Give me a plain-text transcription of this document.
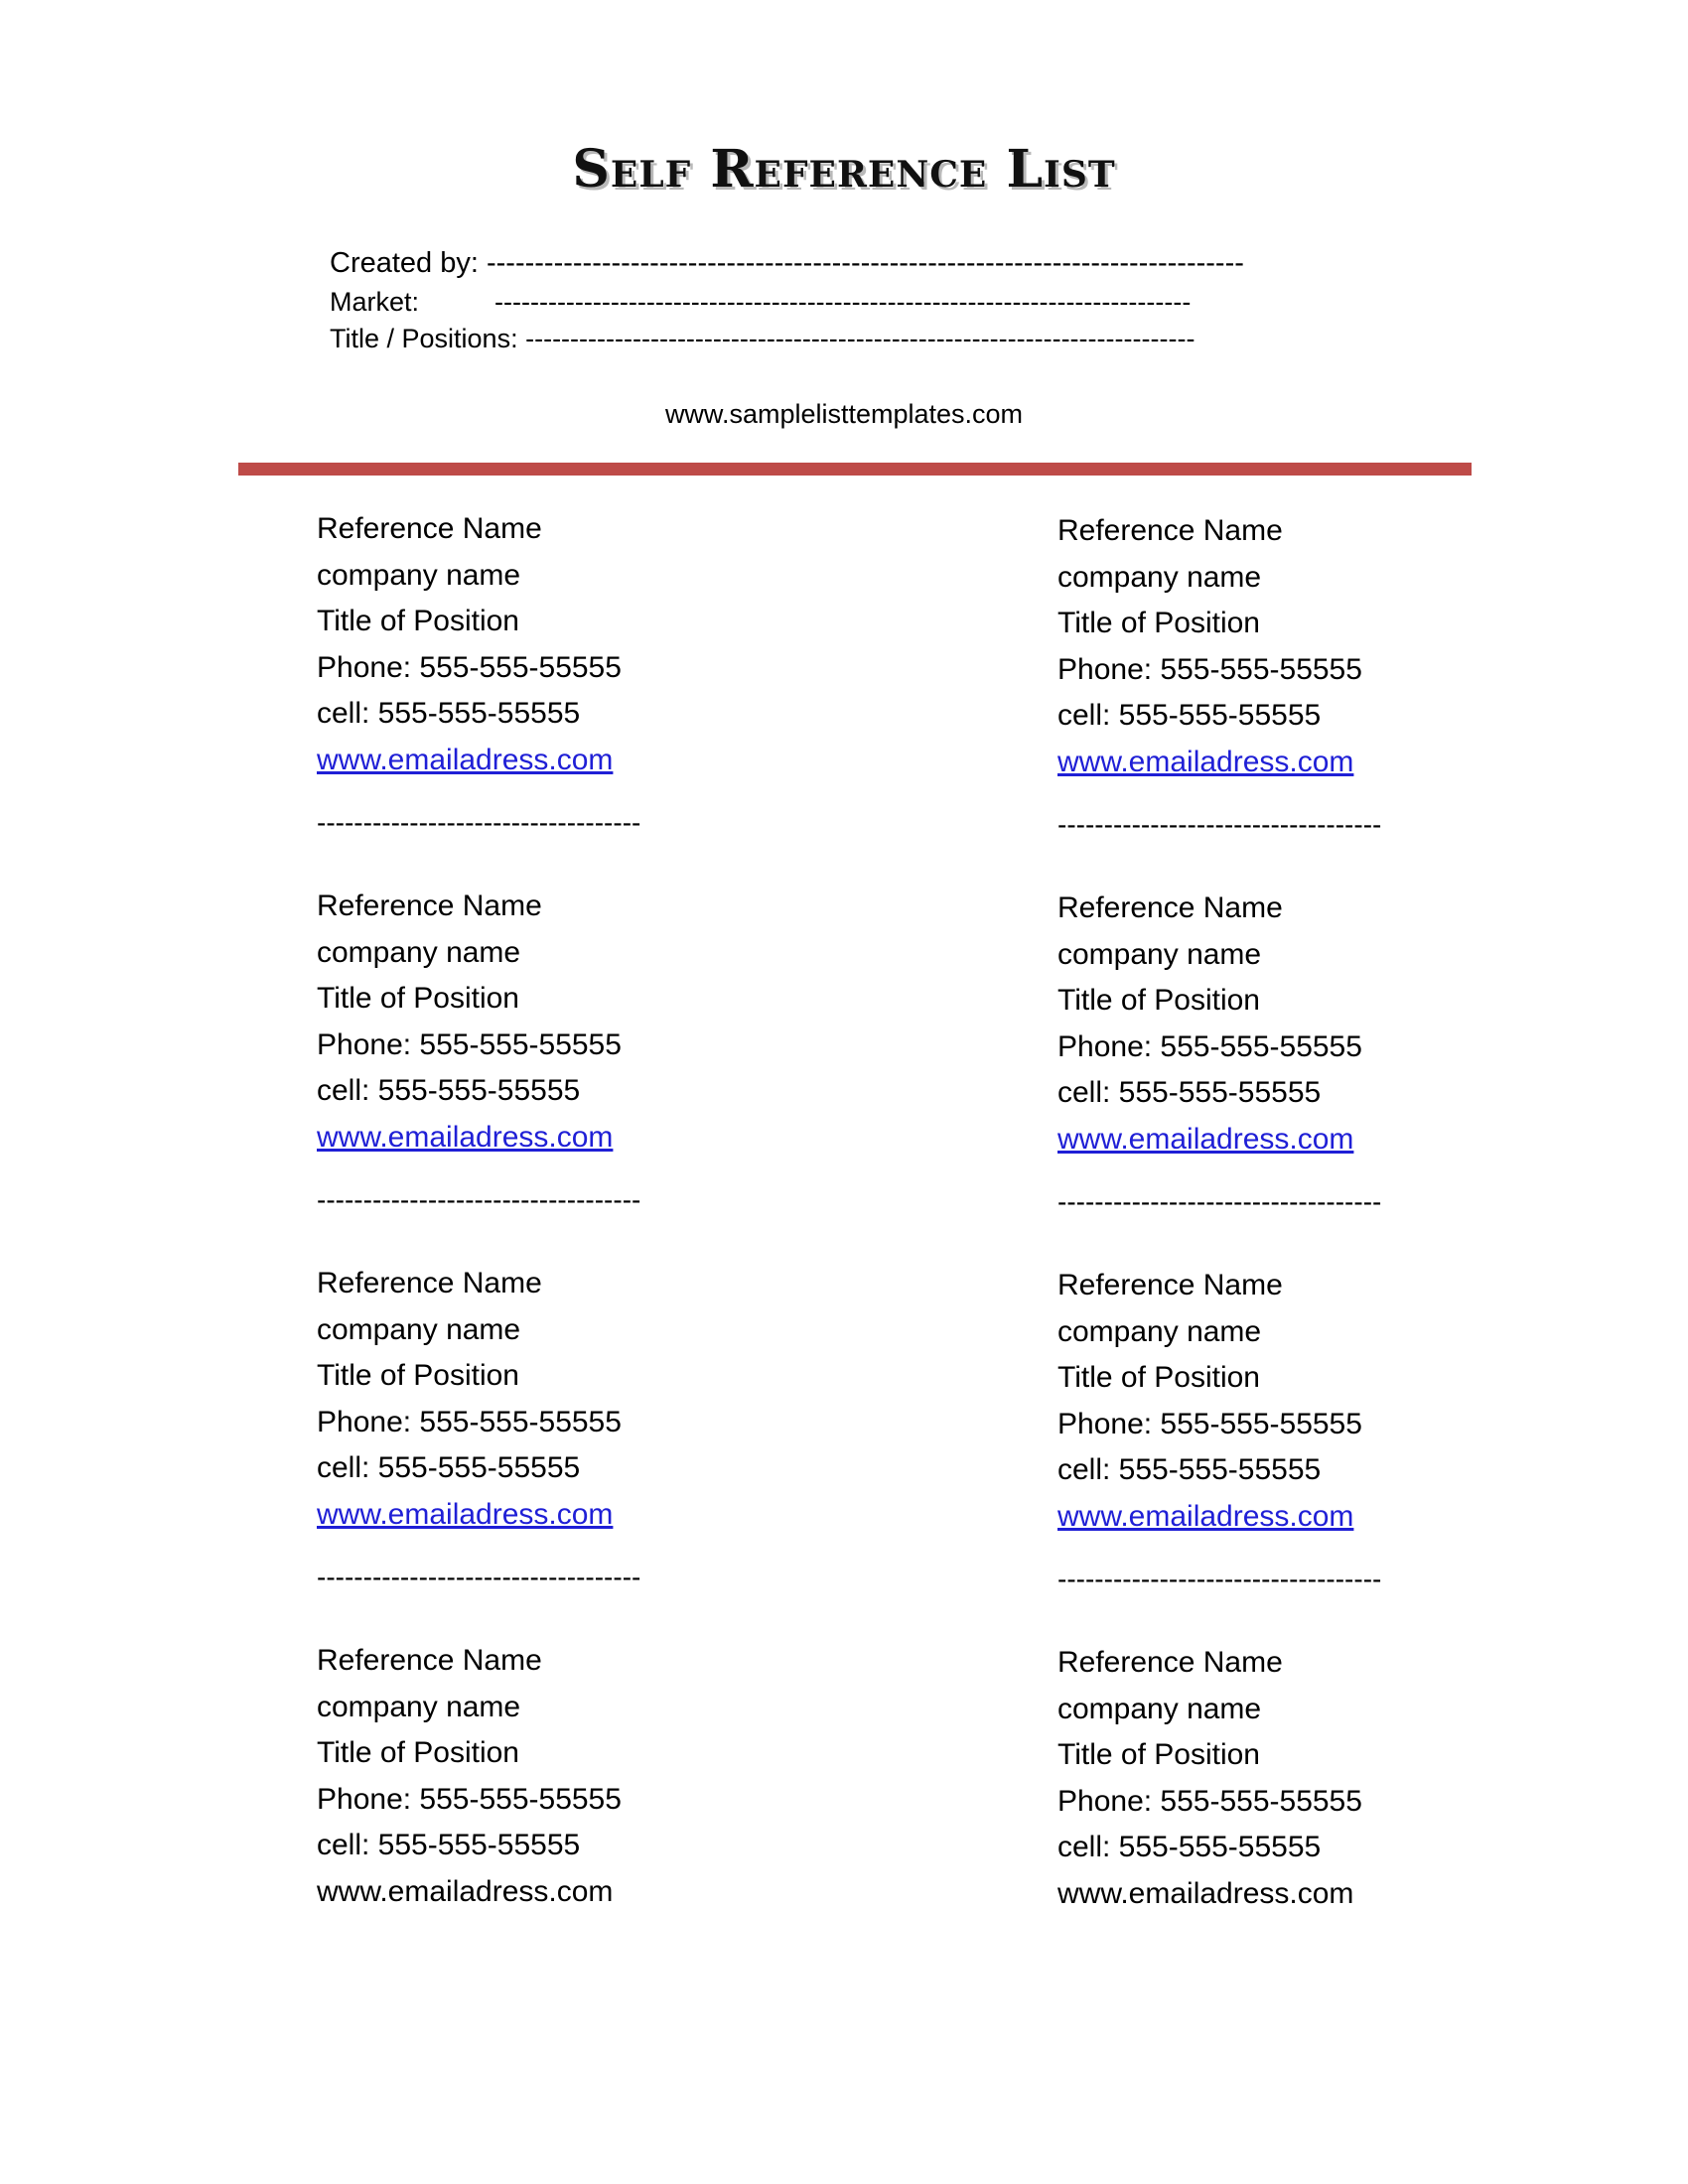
Self Reference List

Created by: -------------------------------------------------------------------------------

Market:	------------------------------------------------------------------------------

Title / Positions: ---------------------------------------------------------------------------

www.samplelisttemplates.com

Reference Name
company name
Title of Position
Phone: 555-555-55555
cell: 555-555-55555
www.emailadress.com
-----------------------------------
Reference Name
company name
Title of Position
Phone: 555-555-55555
cell: 555-555-55555
www.emailadress.com
-----------------------------------
Reference Name
company name
Title of Position
Phone: 555-555-55555
cell: 555-555-55555
www.emailadress.com
-----------------------------------
Reference Name
company name
Title of Position
Phone: 555-555-55555
cell: 555-555-55555
www.emailadress.com
Reference Name
company name
Title of Position
Phone: 555-555-55555
cell: 555-555-55555
www.emailadress.com
-----------------------------------
Reference Name
company name
Title of Position
Phone: 555-555-55555
cell: 555-555-55555
www.emailadress.com
-----------------------------------
Reference Name
company name
Title of Position
Phone: 555-555-55555
cell: 555-555-55555
www.emailadress.com
-----------------------------------
Reference Name
company name
Title of Position
Phone: 555-555-55555
cell: 555-555-55555
www.emailadress.com
